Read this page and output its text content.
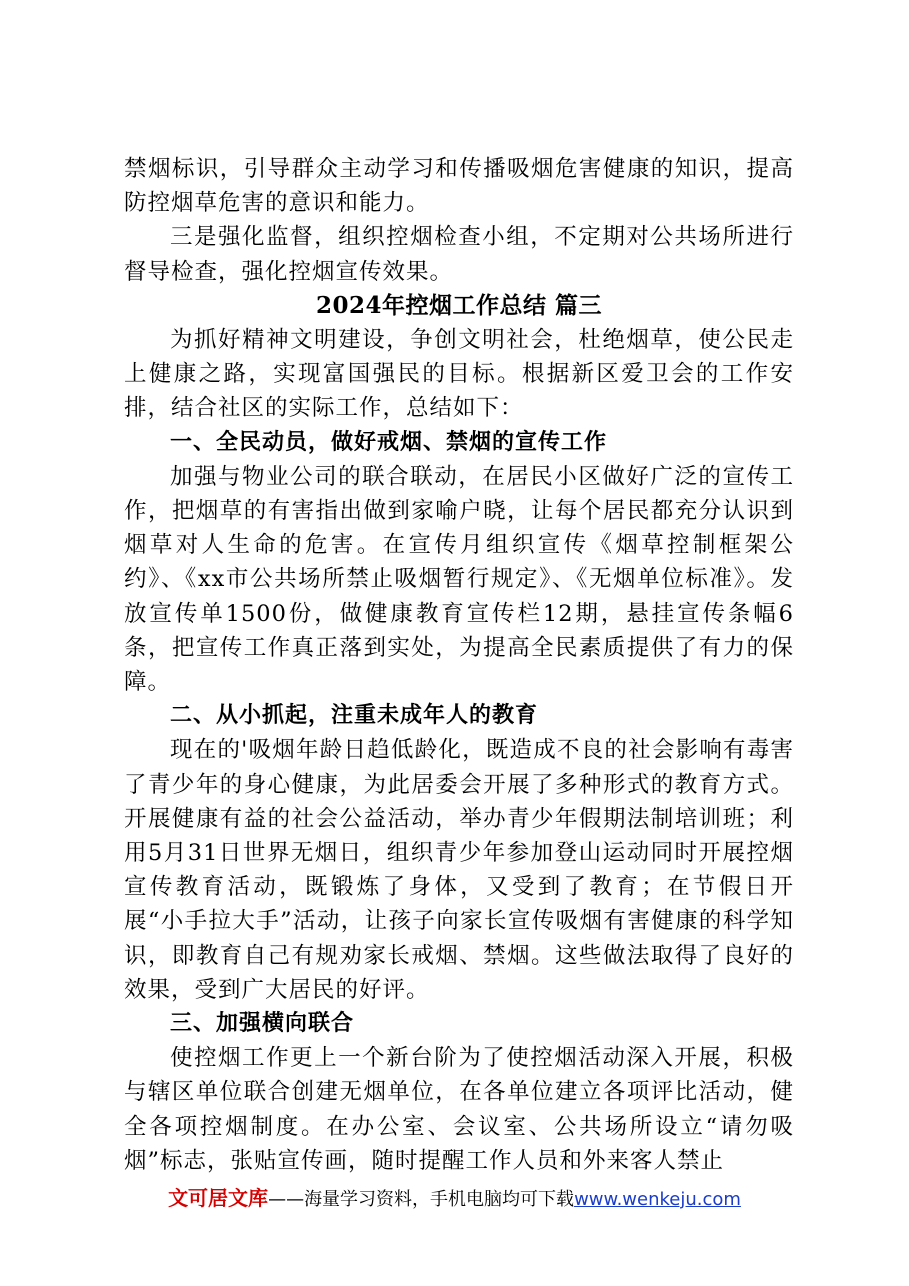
禁烟标识，引导群众主动学习和传播吸烟危害健康的知识，提高防控烟草危害的意识和能力。

三是强化监督，组织控烟检查小组，不定期对公共场所进行督导检查，强化控烟宣传效果。

2024年控烟工作总结 篇三

为抓好精神文明建设，争创文明社会，杜绝烟草，使公民走上健康之路，实现富国强民的目标。根据新区爱卫会的工作安排，结合社区的实际工作，总结如下：

一、全民动员，做好戒烟、禁烟的宣传工作

加强与物业公司的联合联动，在居民小区做好广泛的宣传工作，把烟草的有害指出做到家喻户晓，让每个居民都充分认识到烟草对人生命的危害。在宣传月组织宣传《烟草控制框架公约》、《xx市公共场所禁止吸烟暂行规定》、《无烟单位标准》。发放宣传单1500份，做健康教育宣传栏12期，悬挂宣传条幅6条，把宣传工作真正落到实处，为提高全民素质提供了有力的保障。

二、从小抓起，注重未成年人的教育

现在的'吸烟年龄日趋低龄化，既造成不良的社会影响有毒害了青少年的身心健康，为此居委会开展了多种形式的教育方式。开展健康有益的社会公益活动，举办青少年假期法制培训班；利用5月31日世界无烟日，组织青少年参加登山运动同时开展控烟宣传教育活动，既锻炼了身体，又受到了教育；在节假日开展“小手拉大手”活动，让孩子向家长宣传吸烟有害健康的科学知识，即教育自己有规劝家长戒烟、禁烟。这些做法取得了良好的效果，受到广大居民的好评。

三、加强横向联合

使控烟工作更上一个新台阶为了使控烟活动深入开展，积极与辖区单位联合创建无烟单位，在各单位建立各项评比活动，健全各项控烟制度。在办公室、会议室、公共场所设立“请勿吸烟”标志，张贴宣传画，随时提醒工作人员和外来客人禁止

文可居文库——海量学习资料，手机电脑均可下载www.wenkeju.com
